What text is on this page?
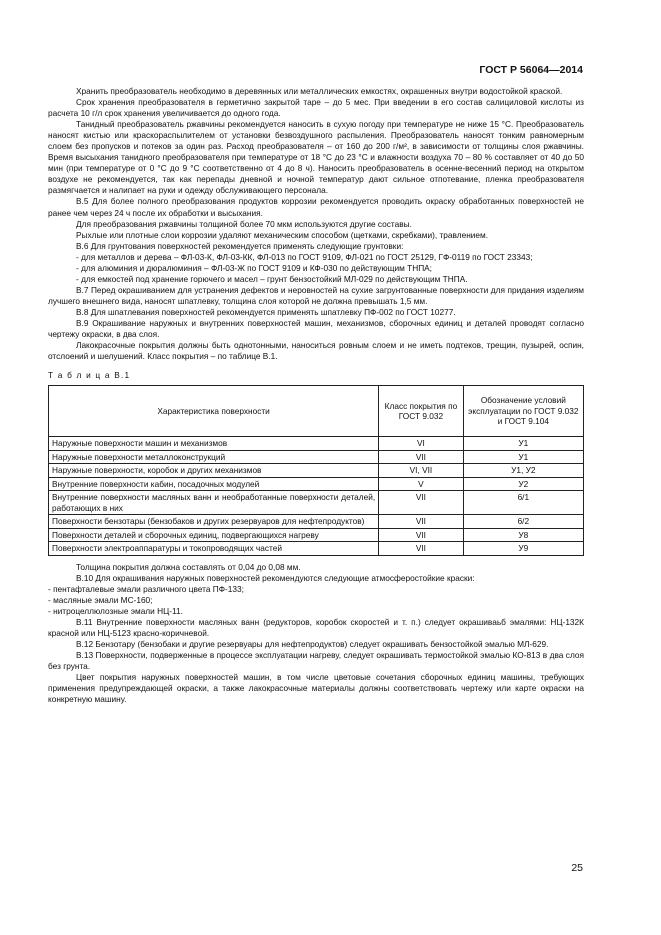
ГОСТ Р 56064—2014

Хранить преобразователь необходимо в деревянных или металлических емкостях, окрашенных внутри водостойкой краской.

Срок хранения преобразователя в герметично закрытой таре – до 5 мес. При введении в его состав салициловой кислоты из расчета 10 г/л срок хранения увеличивается до одного года.

Танидный преобразователь ржавчины рекомендуется наносить в сухую погоду при температуре не ниже 15 °С. Преобразователь наносят кистью или краскораспылителем от установки безвоздушного распыления. Преобразователь наносят тонким равномерным слоем без пропусков и потеков за один раз. Расход преобразователя – от 160 до 200 г/м², в зависимости от толщины слоя ржавчины. Время высыхания танидного преобразователя при температуре от 18 °С до 23 °С и влажности воздуха 70 – 80 % составляет от 40 до 50 мин (при температуре от 0 °С до 9 °С соответственно от 4 до 8 ч). Наносить преобразователь в осенне-весенний период на открытом воздухе не рекомендуется, так как перепады дневной и ночной температур дают сильное отпотевание, пленка преобразователя размягчается и налипает на руки и одежду обслуживающего персонала.

В.5 Для более полного преобразования продуктов коррозии рекомендуется проводить окраску обработанных поверхностей не ранее чем через 24 ч после их обработки и высыхания.

Для преобразования ржавчины толщиной более 70 мкм используются другие составы.

Рыхлые или плотные слои коррозии удаляют механическим способом (щетками, скребками), травлением.

В.6 Для грунтования поверхностей рекомендуется применять следующие грунтовки:

- для металлов и дерева – ФЛ-03-К, ФЛ-03-КК, ФЛ-013 по ГОСТ 9109, ФЛ-021 по ГОСТ 25129, ГФ-0119 по ГОСТ 23343;

- для алюминия и дюралюминия – ФЛ-03-Ж по ГОСТ 9109 и КФ-030 по действующим ТНПА;

- для емкостей под хранение горючего и масел – грунт бензостойкий МЛ-029 по действующим ТНПА.

В.7 Перед окрашиванием для устранения дефектов и неровностей на сухие загрунтованные поверхности для придания изделиям лучшего внешнего вида, наносят шпатлевку, толщина слоя которой не должна превышать 1,5 мм.

В.8 Для шпатлевания поверхностей рекомендуется применять шпатлевку ПФ-002 по ГОСТ 10277.

В.9 Окрашивание наружных и внутренних поверхностей машин, механизмов, сборочных единиц и деталей проводят согласно чертежу окраски, в два слоя.

Лакокрасочные покрытия должны быть однотонными, наноситься ровным слоем и не иметь подтеков, трещин, пузырей, оспин, отслоений и шелушений. Класс покрытия – по таблице В.1.

Т а б л и ц а В.1

Характеристика поверхности	Класс покрытия по ГОСТ 9.032	Обозначение условий эксплуатации по ГОСТ 9.032 и ГОСТ 9.104
Наружные поверхности машин и механизмов	VI	У1
Наружные поверхности металлоконструкций	VII	У1
Наружные поверхности, коробок и других механизмов	VI, VII	У1, У2
Внутренние поверхности кабин, посадочных модулей	V	У2
Внутренние поверхности масляных ванн и необработанные поверхности деталей, работающих в них	VII	6/1
Поверхности бензотары (бензобаков и других резервуаров для нефтепродуктов)	VII	6/2
Поверхности деталей и сборочных единиц, подвергающихся нагреву	VII	У8
Поверхности электроаппаратуры и токопроводящих частей	VII	У9

Толщина покрытия должна составлять от 0,04 до 0,08 мм.

В.10 Для окрашивания наружных поверхностей рекомендуются следующие атмосферостойкие краски:

- пентафталевые эмали различного цвета ПФ-133;

- масляные эмали МС-160;

- нитроцеллюлозные эмали НЦ-11.

В.11 Внутренние поверхности масляных ванн (редукторов, коробок скоростей и т. п.) следует окрашиваьб эмалями: НЦ-132К красной или НЦ-5123 красно-коричневой.

В.12 Бензотару (бензобаки и другие резервуары для нефтепродуктов) следует окрашивать бензостойкой эмалью МЛ-629.

В.13 Поверхности, подверженные в процессе эксплуатации нагреву, следует окрашивать термостойкой эмалью КО-813 в два слоя без грунта.

Цвет покрытия наружных поверхностей машин, в том числе цветовые сочетания сборочных единиц машины, требующих применения предупреждающей окраски, а также лакокрасочные материалы должны соответствовать чертежу или карте окраски на конкретную машину.

25
